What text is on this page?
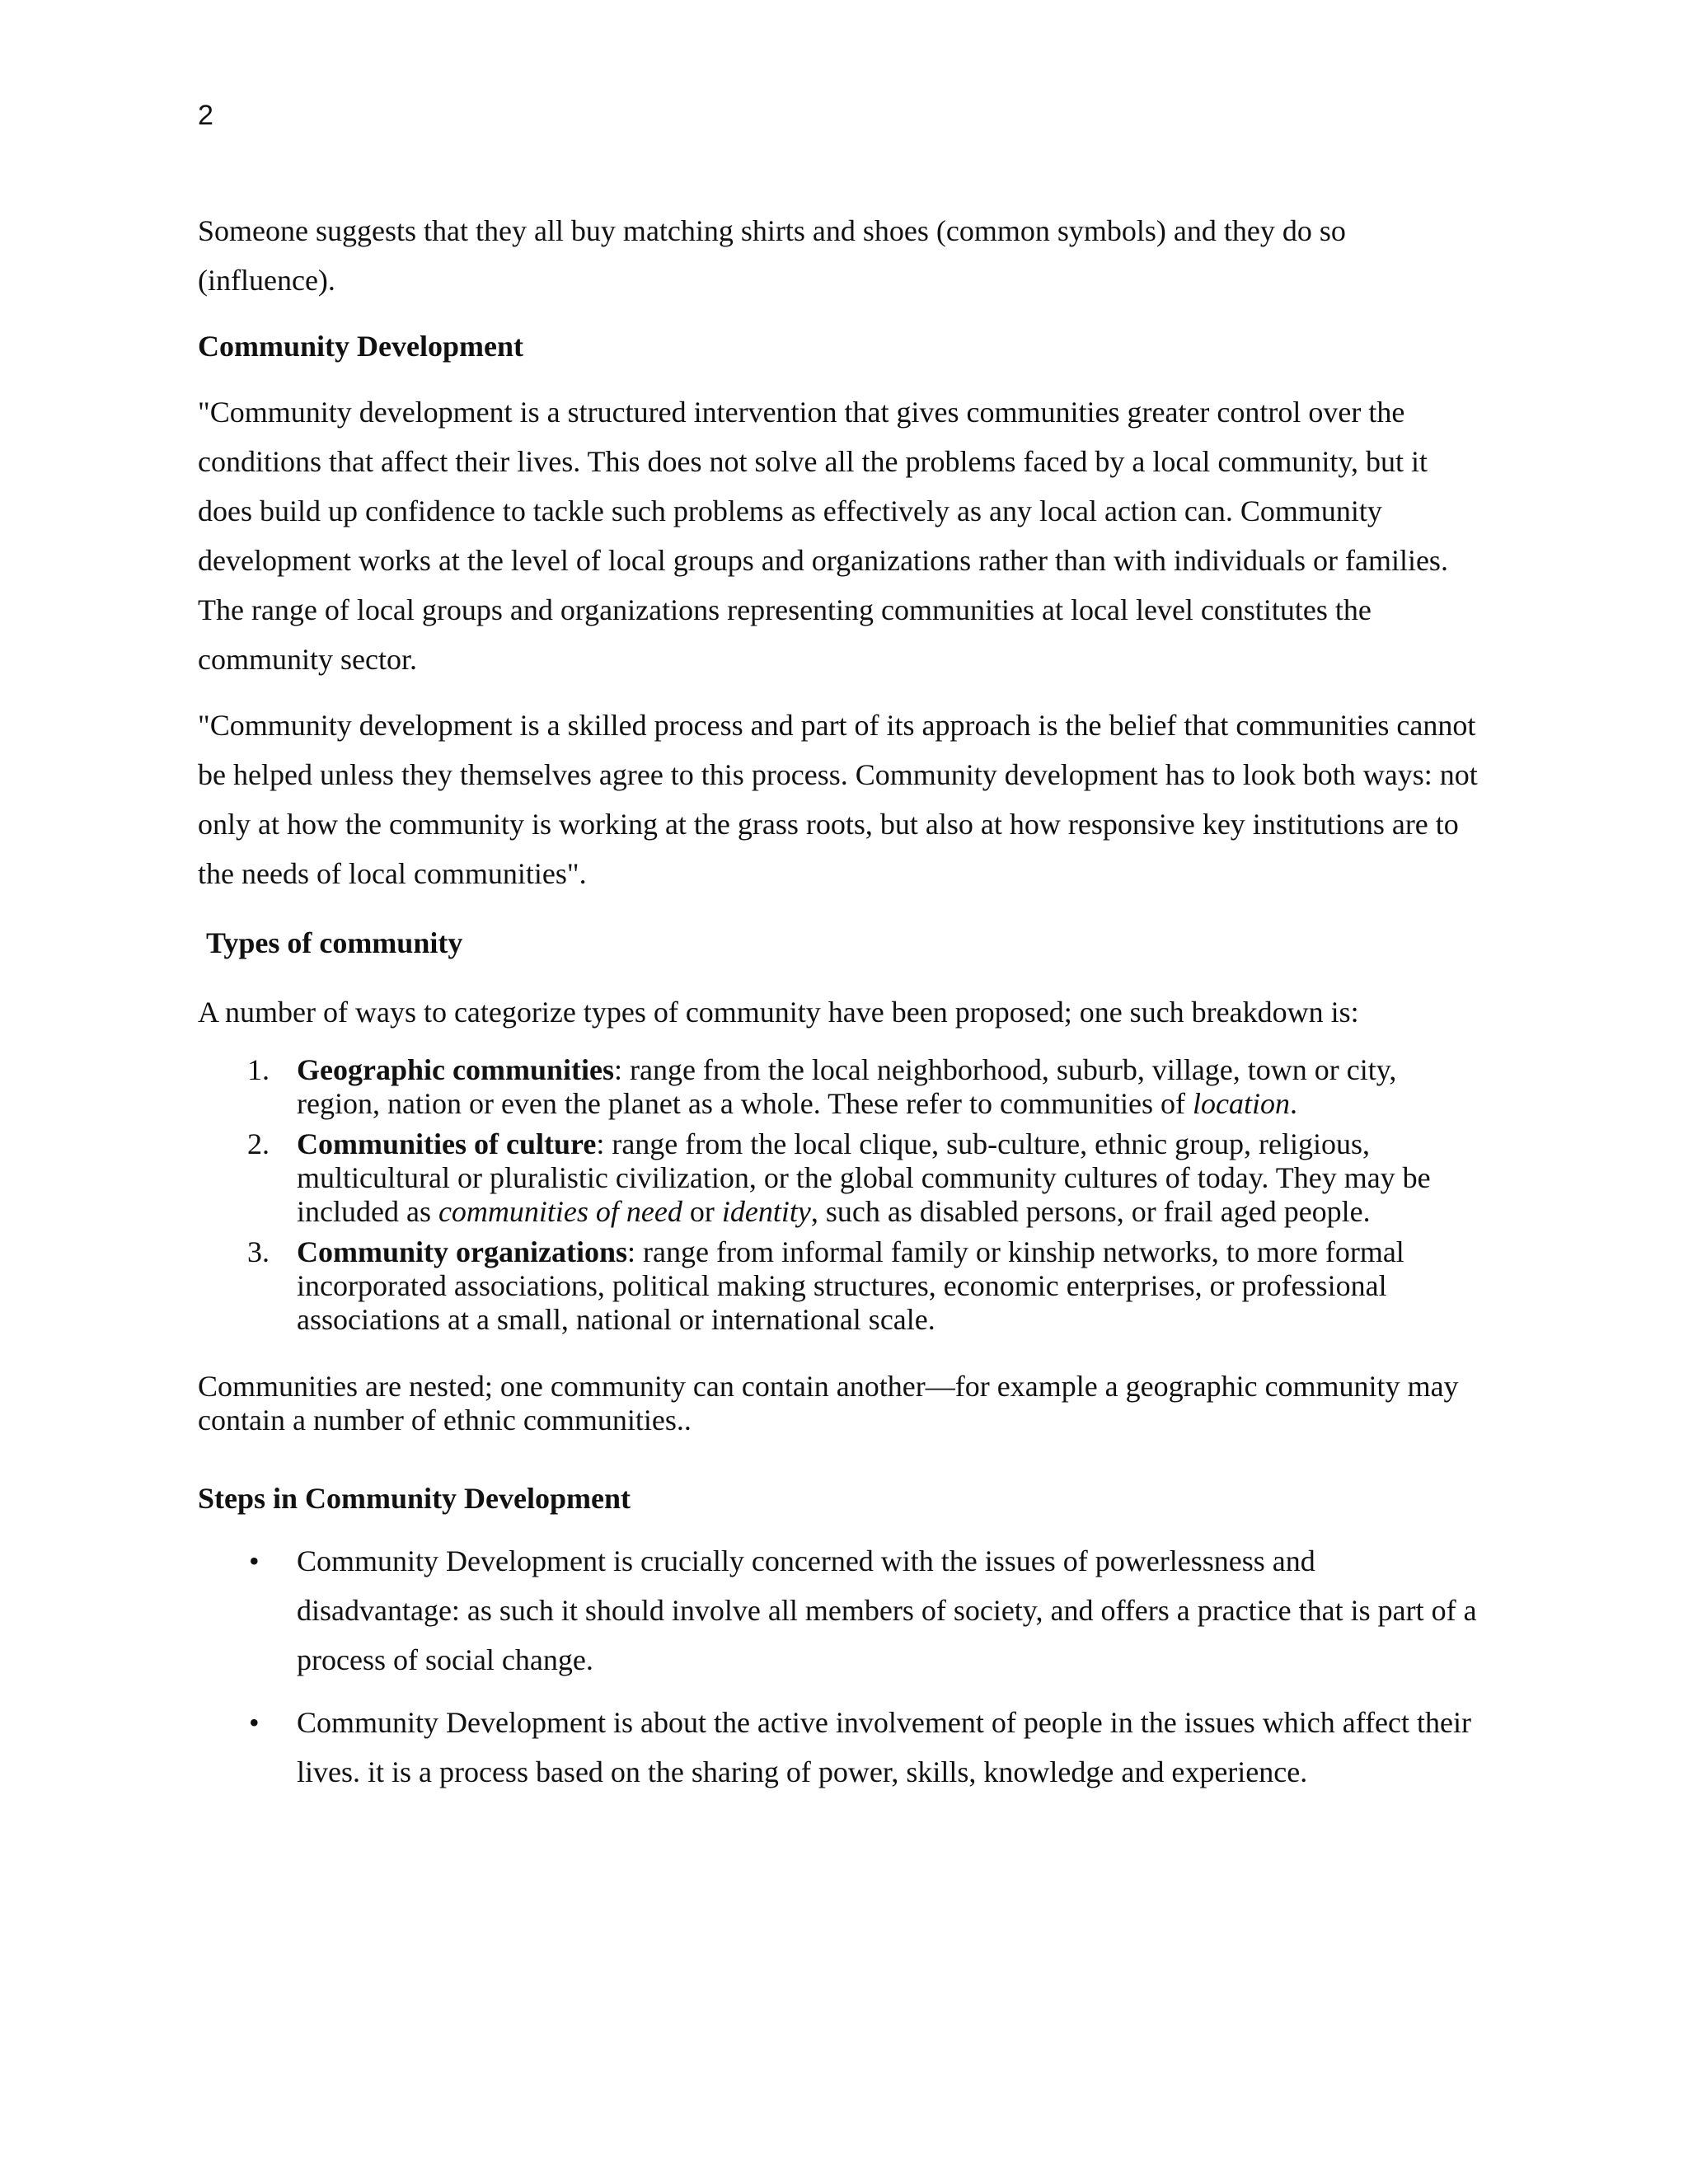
2

Someone suggests that they all buy matching shirts and shoes (common symbols) and they do so (influence).

Community Development

"Community development is a structured intervention that gives communities greater control over the conditions that affect their lives. This does not solve all the problems faced by a local community, but it does build up confidence to tackle such problems as effectively as any local action can. Community development works at the level of local groups and organizations rather than with individuals or families. The range of local groups and organizations representing communities at local level constitutes the community sector.

"Community development is a skilled process and part of its approach is the belief that communities cannot be helped unless they themselves agree to this process. Community development has to look both ways: not only at how the community is working at the grass roots, but also at how responsive key institutions are to the needs of local communities".

Types of community

A number of ways to categorize types of community have been proposed; one such breakdown is:

1. Geographic communities: range from the local neighborhood, suburb, village, town or city, region, nation or even the planet as a whole. These refer to communities of location.
2. Communities of culture: range from the local clique, sub-culture, ethnic group, religious, multicultural or pluralistic civilization, or the global community cultures of today. They may be included as communities of need or identity, such as disabled persons, or frail aged people.
3. Community organizations: range from informal family or kinship networks, to more formal incorporated associations, political making structures, economic enterprises, or professional associations at a small, national or international scale.

Communities are nested; one community can contain another—for example a geographic community may contain a number of ethnic communities..

Steps in Community Development

• Community Development is crucially concerned with the issues of powerlessness and disadvantage: as such it should involve all members of society, and offers a practice that is part of a process of social change.
• Community Development is about the active involvement of people in the issues which affect their lives. it is a process based on the sharing of power, skills, knowledge and experience.
